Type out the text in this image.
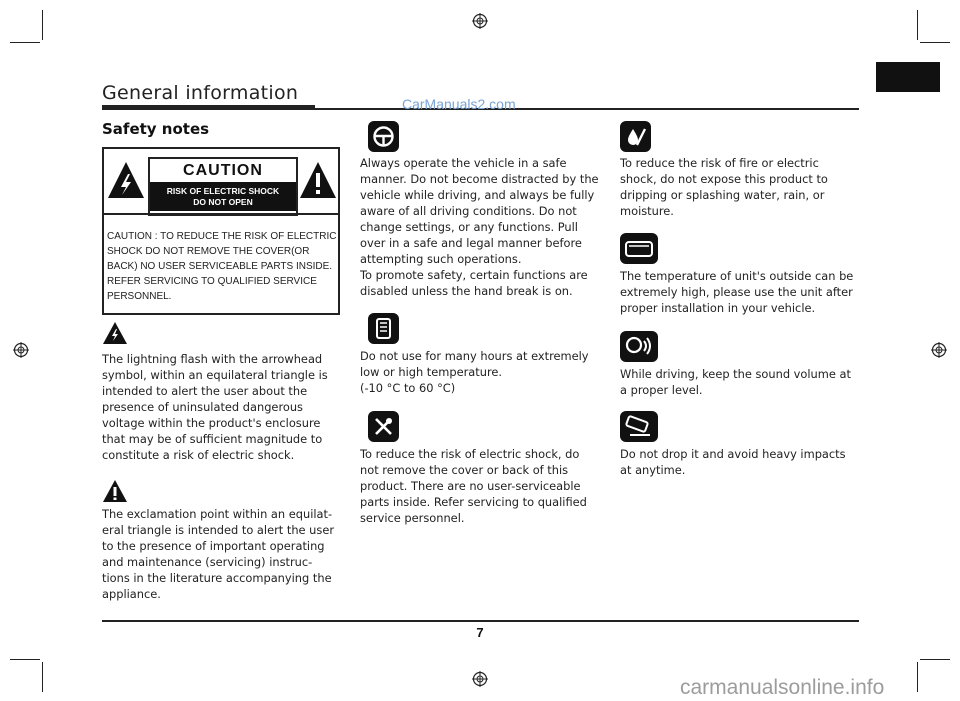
General information	CarManuals2.com
Safety notes
CAUTION
RISK OF ELECTRIC SHOCK
DO NOT OPEN
CAUTION : TO REDUCE THE RISK OF ELECTRIC SHOCK DO NOT REMOVE THE COVER(OR BACK) NO USER SERVICEABLE PARTS INSIDE. REFER SERVICING TO QUALIFIED SERVICE PERSONNEL.
The lightning flash with the arrowhead symbol, within an equilateral triangle is intended to alert the user about the presence of uninsulated dangerous voltage within the product's enclosure that may be of sufficient magnitude to constitute a risk of electric shock.
The exclamation point within an equilat-eral triangle is intended to alert the user to the presence of important operating and maintenance (servicing) instruc-tions in the literature accompanying the appliance.
Always operate the vehicle in a safe manner. Do not become distracted by the vehicle while driving, and always be fully aware of all driving conditions. Do not change settings, or any functions. Pull over in a safe and legal manner before attempting such operations.
To promote safety, certain functions are disabled unless the hand break is on.
Do not use for many hours at extremely low or high temperature.
(-10 °C to 60 °C)
To reduce the risk of electric shock, do not remove the cover or back of this product. There are no user-serviceable parts inside. Refer servicing to qualified service personnel.
To reduce the risk of fire or electric shock, do not expose this product to dripping or splashing water, rain, or moisture.
The temperature of unit's outside can be extremely high, please use the unit after proper installation in your vehicle.
While driving, keep the sound volume at a proper level.
Do not drop it and avoid heavy impacts at anytime.
7
carmanualsonline.info
